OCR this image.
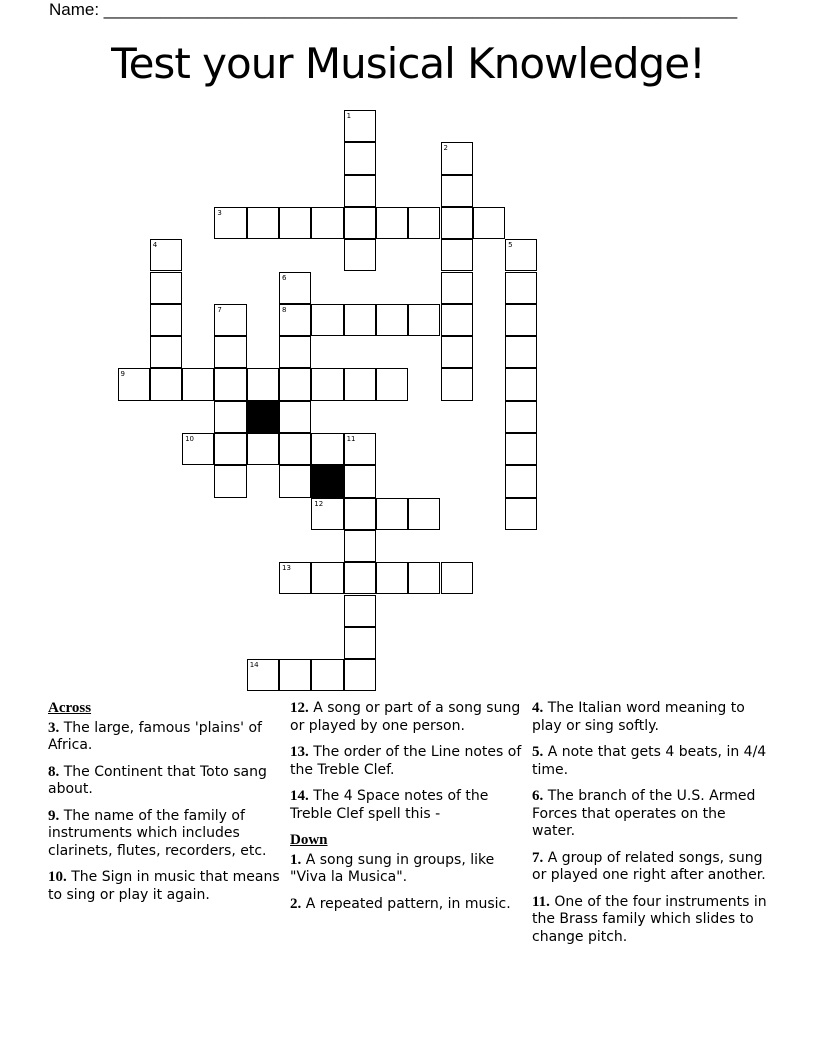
Name: ___________________________________________________________________
Test your Musical Knowledge!
1
2
3
4	5
6
8
7
9
10	11
12
13
14
Across
3. The large, famous 'plains' of Africa.
8. The Continent that Toto sang about.
9. The name of the family of instruments which includes clarinets, flutes, recorders, etc.
10. The Sign in music that means to sing or play it again.
12. A song or part of a song sung or played by one person.
13. The order of the Line notes of the Treble Clef.
14. The 4 Space notes of the Treble Clef spell this -
Down
1. A song sung in groups, like "Viva la Musica".
2. A repeated pattern, in music.
4. The Italian word meaning to play or sing softly.
5. A note that gets 4 beats, in 4/4 time.
6. The branch of the U.S. Armed Forces that operates on the water.
7. A group of related songs, sung or played one right after another.
11. One of the four instruments in the Brass family which slides to change pitch.
